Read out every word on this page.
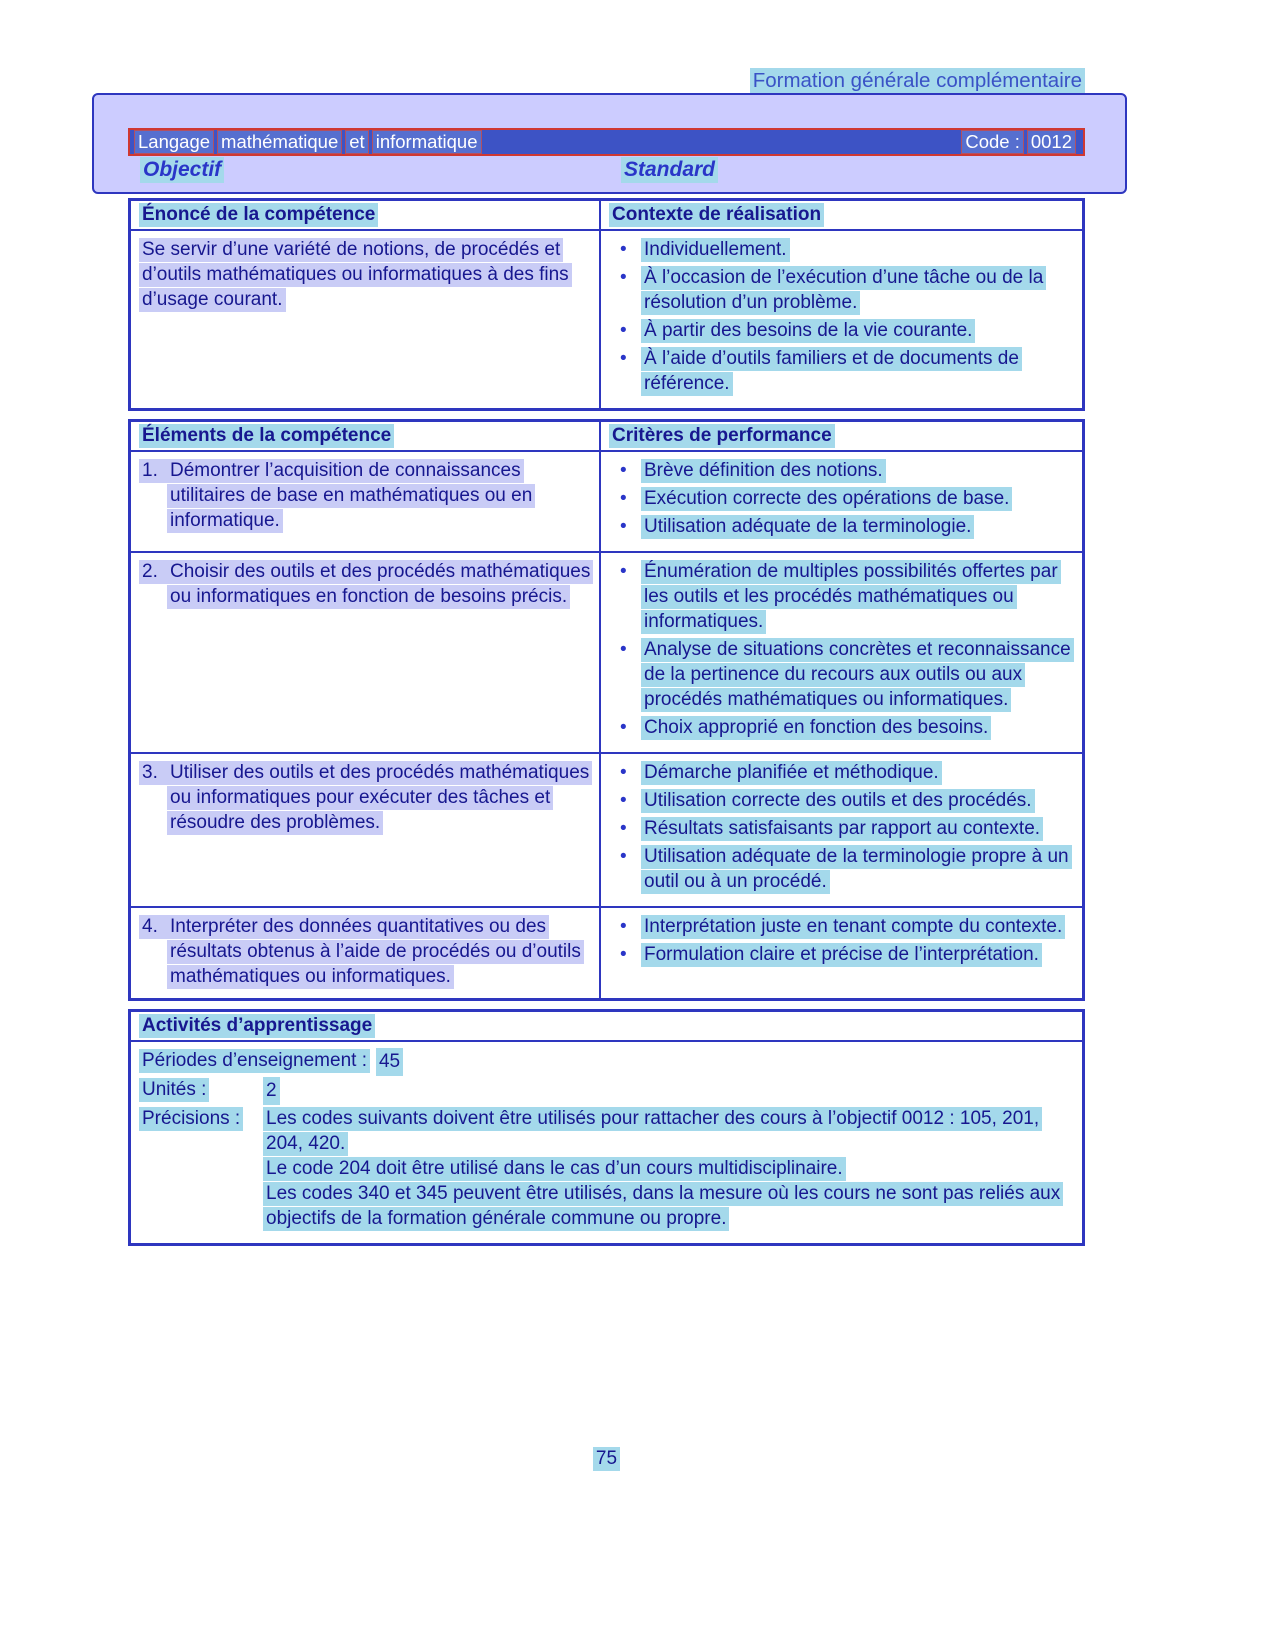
Formation générale complémentaire
Langage mathématique et informatique	Code : 0012
Objectif	Standard
Énoncé de la compétence	Contexte de réalisation

Se servir d’une variété de notions, de procédés et d’outils mathématiques ou informatiques à des fins d’usage courant.

•
Individuellement.
•
À l’occasion de l’exécution d’une tâche ou de la résolution d’un problème.
•
À partir des besoins de la vie courante.
•
À l’aide d’outils familiers et de documents de référence.
Éléments de la compétence	Critères de performance
1. Démontrer l’acquisition de connaissances utilitaires de base en mathématiques ou en informatique.
•
Brève définition des notions.
•
Exécution correcte des opérations de base.
•
Utilisation adéquate de la terminologie.
2. Choisir des outils et des procédés mathématiques ou informatiques en fonction de besoins précis.
•
Énumération de multiples possibilités offertes par les outils et les procédés mathématiques ou informatiques.
•
Analyse de situations concrètes et reconnaissance de la pertinence du recours aux outils ou aux procédés mathématiques ou informatiques.
•
Choix approprié en fonction des besoins.
3. Utiliser des outils et des procédés mathématiques ou informatiques pour exécuter des tâches et résoudre des problèmes.
•
Démarche planifiée et méthodique.
•
Utilisation correcte des outils et des procédés.
•
Résultats satisfaisants par rapport au contexte.
•
Utilisation adéquate de la terminologie propre à un outil ou à un procédé.
4. Interpréter des données quantitatives ou des résultats obtenus à l’aide de procédés ou d’outils mathématiques ou informatiques.
•
Interprétation juste en tenant compte du contexte.
•
Formulation claire et précise de l’interprétation.
Activités d’apprentissage
Périodes d’enseignement : 45
Unités :	2
Précisions :	Les codes suivants doivent être utilisés pour rattacher des cours à l’objectif 0012 : 105, 201, 204, 420.
Le code 204 doit être utilisé dans le cas d’un cours multidisciplinaire.
Les codes 340 et 345 peuvent être utilisés, dans la mesure où les cours ne sont pas reliés aux objectifs de la formation générale commune ou propre.
75
